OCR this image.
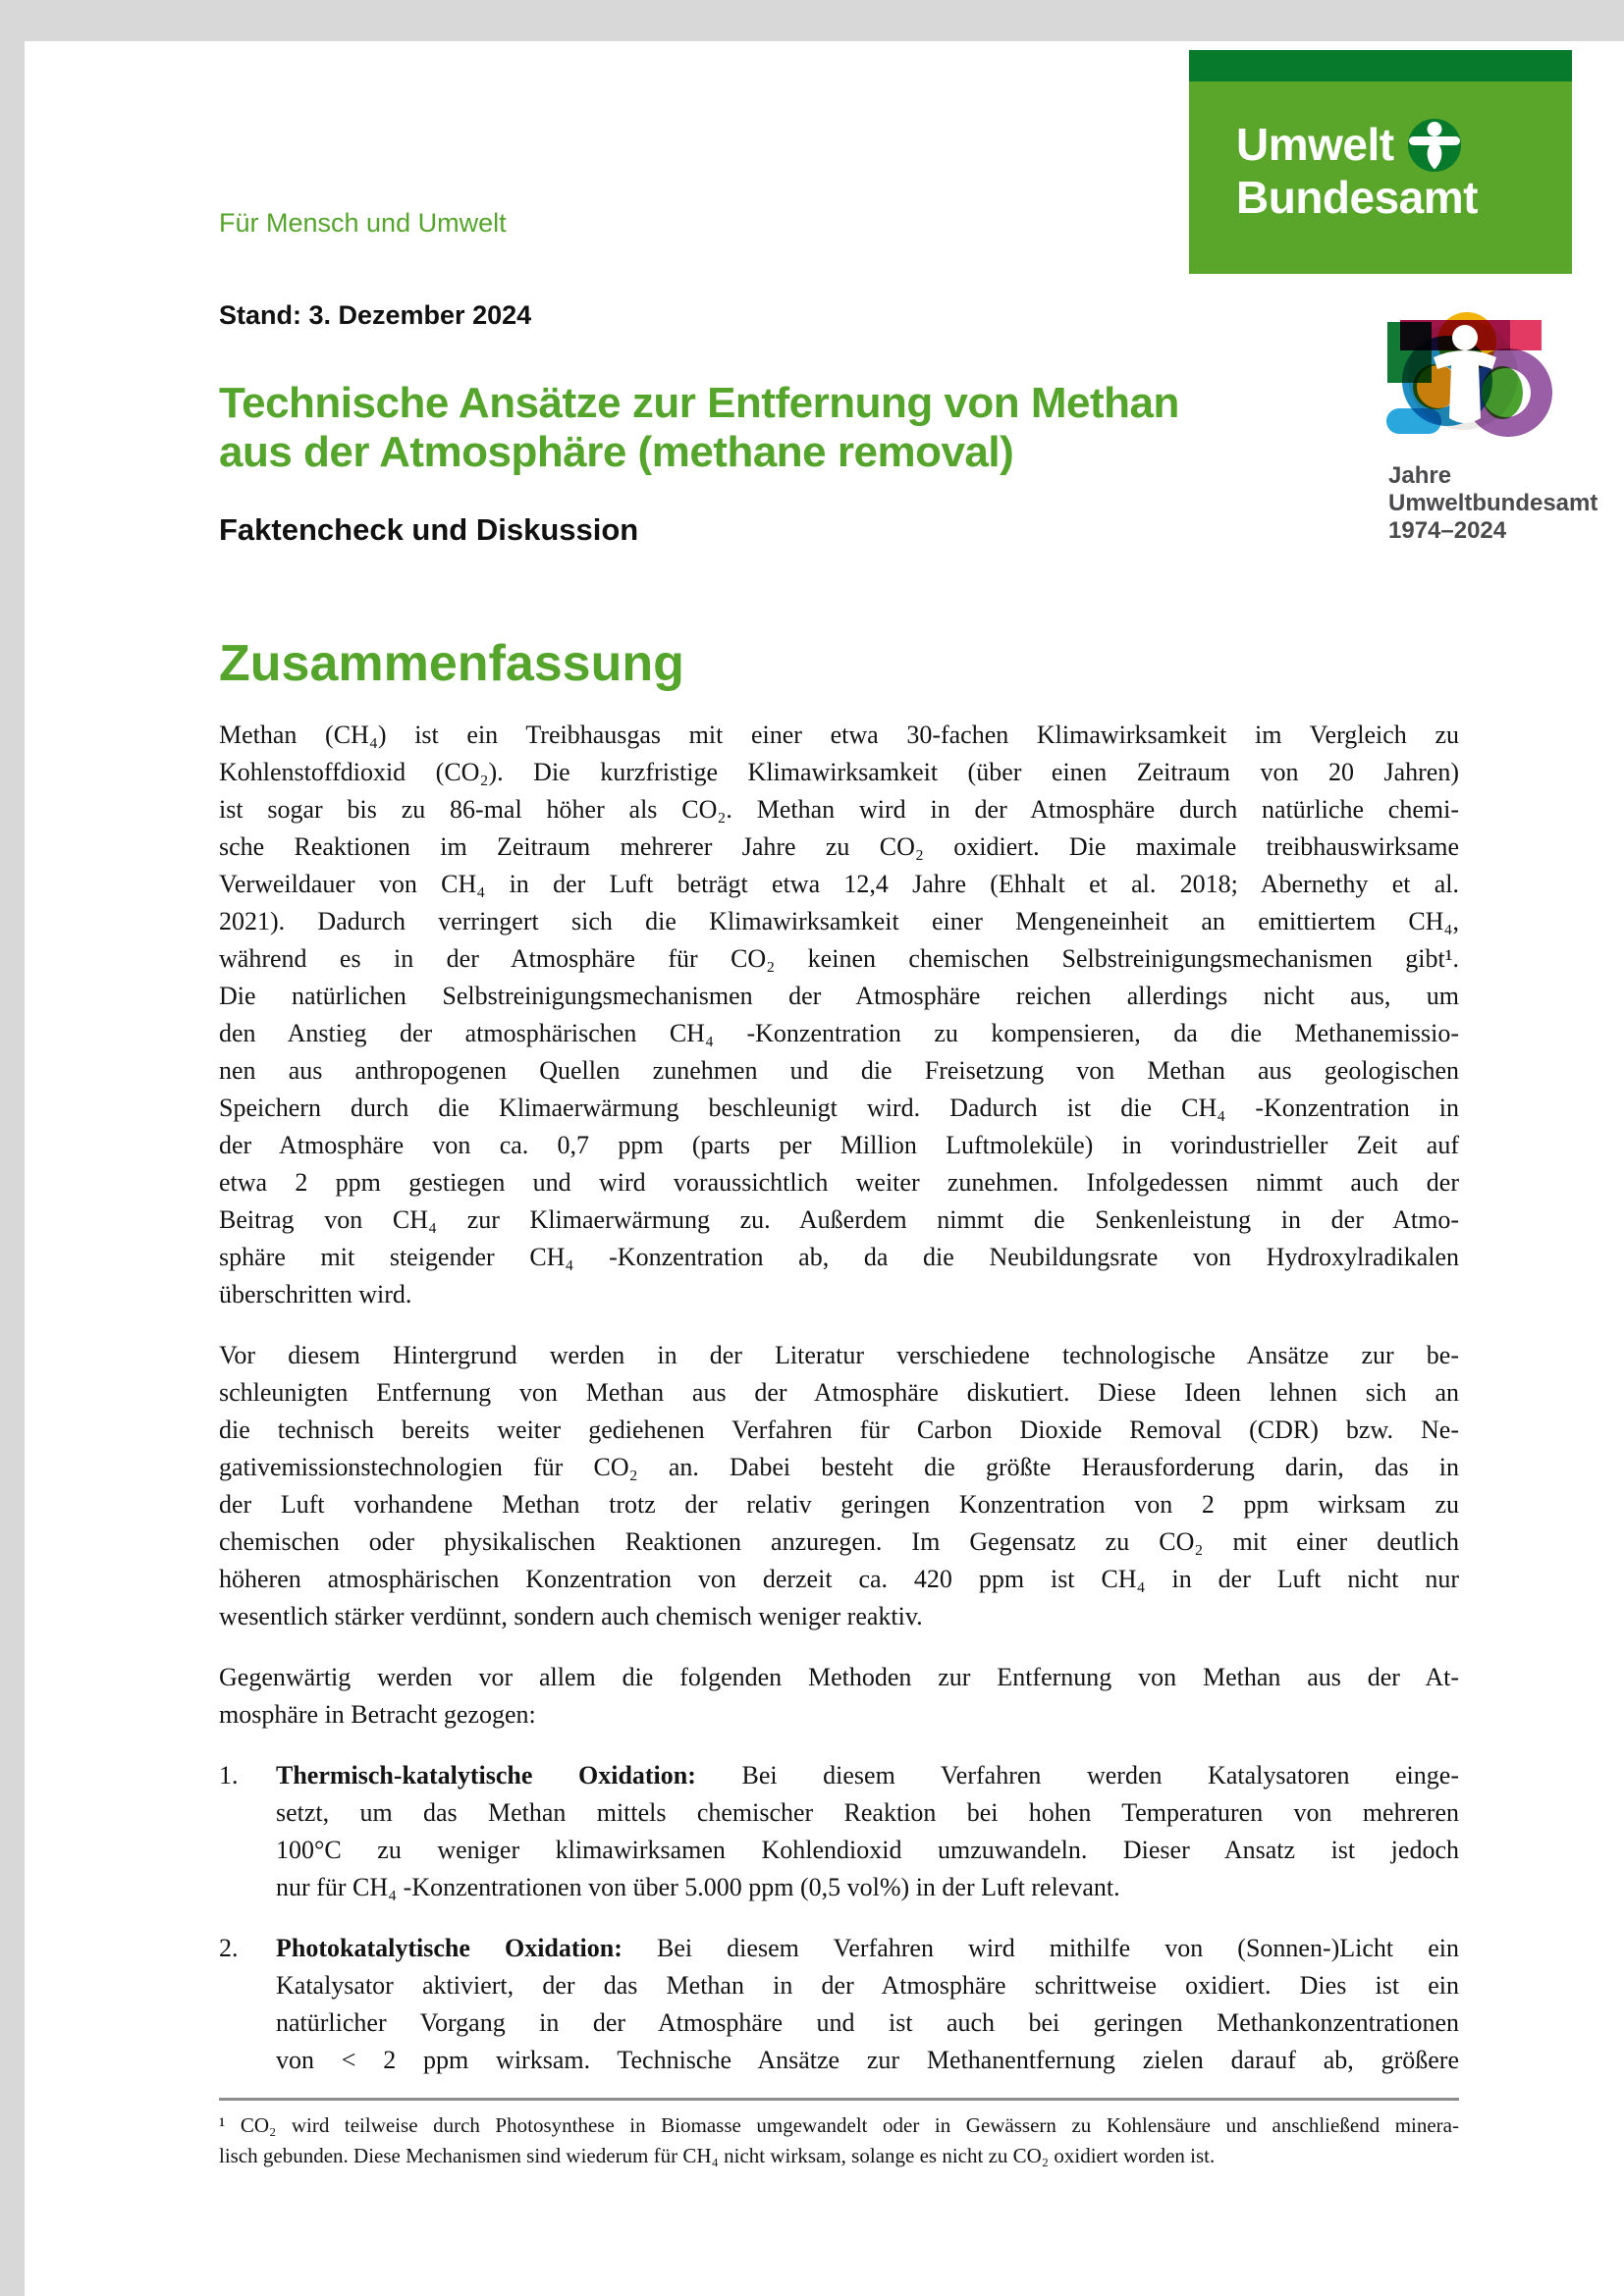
Umwelt
Bundesamt
Jahre
Umweltbundesamt
1974–2024
Für Mensch und Umwelt
Stand: 3. Dezember 2024
Technische Ansätze zur Entfernung von Methan
aus der Atmosphäre (methane removal)
Faktencheck und Diskussion
Zusammenfassung
Methan (CH₄) ist ein Treibhausgas mit einer etwa 30-fachen Klimawirksamkeit im Vergleich zu
Kohlenstoffdioxid (CO₂). Die kurzfristige Klimawirksamkeit (über einen Zeitraum von 20 Jahren)
ist sogar bis zu 86-mal höher als CO₂. Methan wird in der Atmosphäre durch natürliche chemi-
sche Reaktionen im Zeitraum mehrerer Jahre zu CO₂ oxidiert. Die maximale treibhauswirksame
Verweildauer von CH₄ in der Luft beträgt etwa 12,4 Jahre (Ehhalt et al. 2018; Abernethy et al.
2021). Dadurch verringert sich die Klimawirksamkeit einer Mengeneinheit an emittiertem CH₄,
während es in der Atmosphäre für CO₂ keinen chemischen Selbstreinigungsmechanismen gibt¹.
Die natürlichen Selbstreinigungsmechanismen der Atmosphäre reichen allerdings nicht aus, um
den Anstieg der atmosphärischen CH₄ -Konzentration zu kompensieren, da die Methanemissio-
nen aus anthropogenen Quellen zunehmen und die Freisetzung von Methan aus geologischen
Speichern durch die Klimaerwärmung beschleunigt wird. Dadurch ist die CH₄ -Konzentration in
der Atmosphäre von ca. 0,7 ppm (parts per Million Luftmoleküle) in vorindustrieller Zeit auf
etwa 2 ppm gestiegen und wird voraussichtlich weiter zunehmen. Infolgedessen nimmt auch der
Beitrag von CH₄ zur Klimaerwärmung zu. Außerdem nimmt die Senkenleistung in der Atmo-
sphäre mit steigender CH₄ -Konzentration ab, da die Neubildungsrate von Hydroxylradikalen
überschritten wird.
Vor diesem Hintergrund werden in der Literatur verschiedene technologische Ansätze zur be-
schleunigten Entfernung von Methan aus der Atmosphäre diskutiert. Diese Ideen lehnen sich an
die technisch bereits weiter gediehenen Verfahren für Carbon Dioxide Removal (CDR) bzw. Ne-
gativemissionstechnologien für CO₂ an. Dabei besteht die größte Herausforderung darin, das in
der Luft vorhandene Methan trotz der relativ geringen Konzentration von 2 ppm wirksam zu
chemischen oder physikalischen Reaktionen anzuregen. Im Gegensatz zu CO₂ mit einer deutlich
höheren atmosphärischen Konzentration von derzeit ca. 420 ppm ist CH₄ in der Luft nicht nur
wesentlich stärker verdünnt, sondern auch chemisch weniger reaktiv.
Gegenwärtig werden vor allem die folgenden Methoden zur Entfernung von Methan aus der At-
mosphäre in Betracht gezogen:
1.	Thermisch-katalytische Oxidation: Bei diesem Verfahren werden Katalysatoren einge-
setzt, um das Methan mittels chemischer Reaktion bei hohen Temperaturen von mehreren
100°C zu weniger klimawirksamen Kohlendioxid umzuwandeln. Dieser Ansatz ist jedoch
nur für CH₄ -Konzentrationen von über 5.000 ppm (0,5 vol%) in der Luft relevant.
2.	Photokatalytische Oxidation: Bei diesem Verfahren wird mithilfe von (Sonnen-)Licht ein
Katalysator aktiviert, der das Methan in der Atmosphäre schrittweise oxidiert. Dies ist ein
natürlicher Vorgang in der Atmosphäre und ist auch bei geringen Methankonzentrationen
von < 2 ppm wirksam. Technische Ansätze zur Methanentfernung zielen darauf ab, größere
¹ CO₂ wird teilweise durch Photosynthese in Biomasse umgewandelt oder in Gewässern zu Kohlensäure und anschließend minera-
lisch gebunden. Diese Mechanismen sind wiederum für CH₄ nicht wirksam, solange es nicht zu CO₂ oxidiert worden ist.
